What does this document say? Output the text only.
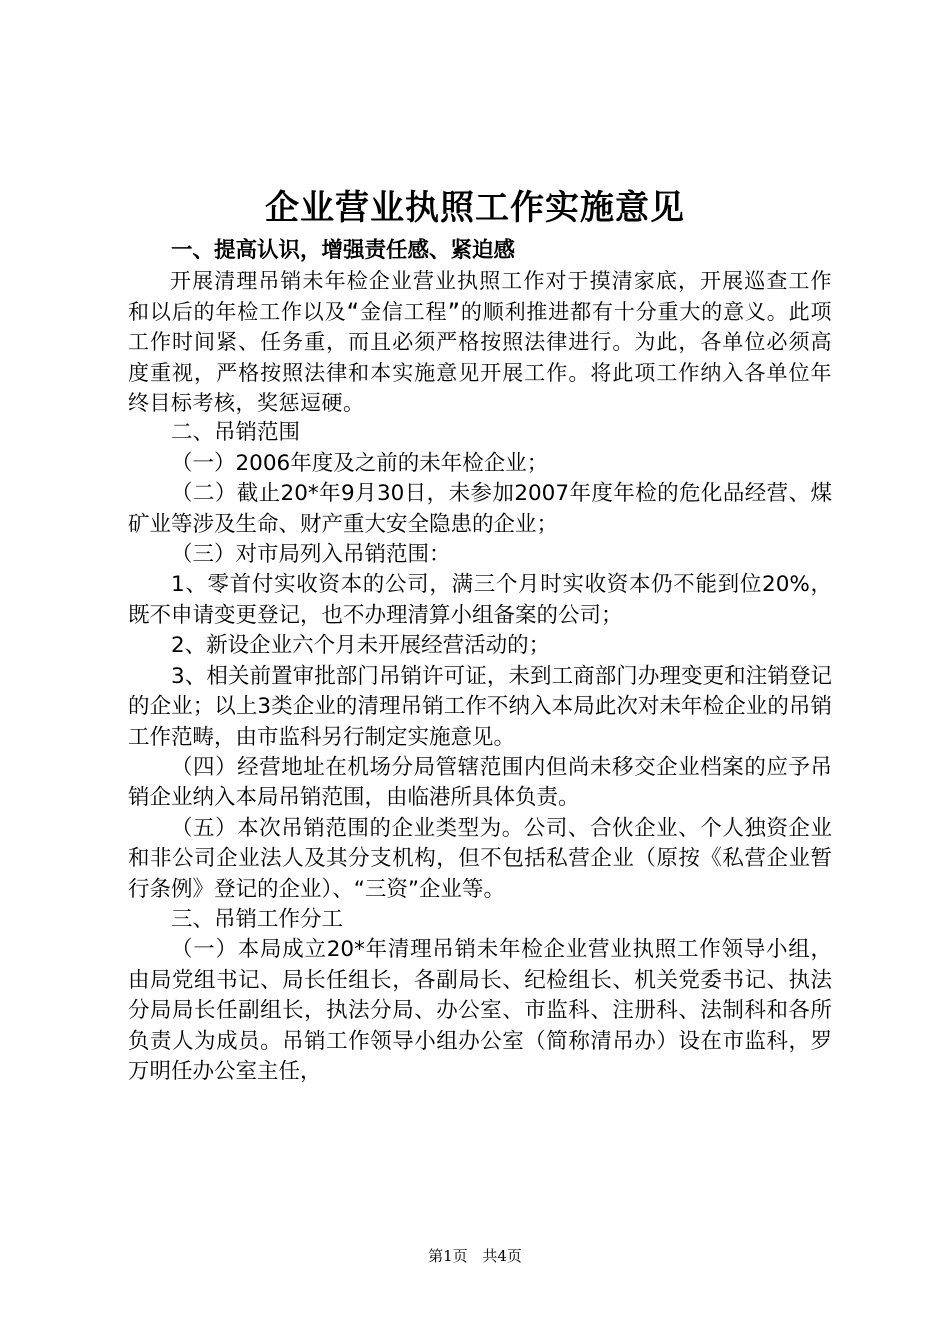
企业营业执照工作实施意见

一、提高认识，增强责任感、紧迫感

开展清理吊销未年检企业营业执照工作对于摸清家底，开展巡查工作和以后的年检工作以及“金信工程”的顺利推进都有十分重大的意义。此项工作时间紧、任务重，而且必须严格按照法律进行。为此，各单位必须高度重视，严格按照法律和本实施意见开展工作。将此项工作纳入各单位年终目标考核，奖惩逗硬。

二、吊销范围

（一）2006年度及之前的未年检企业；

（二）截止20*年9月30日，未参加2007年度年检的危化品经营、煤矿业等涉及生命、财产重大安全隐患的企业；

（三）对市局列入吊销范围：

1、零首付实收资本的公司，满三个月时实收资本仍不能到位20%，既不申请变更登记，也不办理清算小组备案的公司；

2、新设企业六个月未开展经营活动的；

3、相关前置审批部门吊销许可证，未到工商部门办理变更和注销登记的企业；以上3类企业的清理吊销工作不纳入本局此次对未年检企业的吊销工作范畴，由市监科另行制定实施意见。

（四）经营地址在机场分局管辖范围内但尚未移交企业档案的应予吊销企业纳入本局吊销范围，由临港所具体负责。

（五）本次吊销范围的企业类型为。公司、合伙企业、个人独资企业和非公司企业法人及其分支机构，但不包括私营企业（原按《私营企业暂行条例》登记的企业）、“三资”企业等。

三、吊销工作分工

（一）本局成立20*年清理吊销未年检企业营业执照工作领导小组，由局党组书记、局长任组长，各副局长、纪检组长、机关党委书记、执法分局局长任副组长，执法分局、办公室、市监科、注册科、法制科和各所负责人为成员。吊销工作领导小组办公室（简称清吊办）设在市监科，罗万明任办公室主任，

第1页 共4页
